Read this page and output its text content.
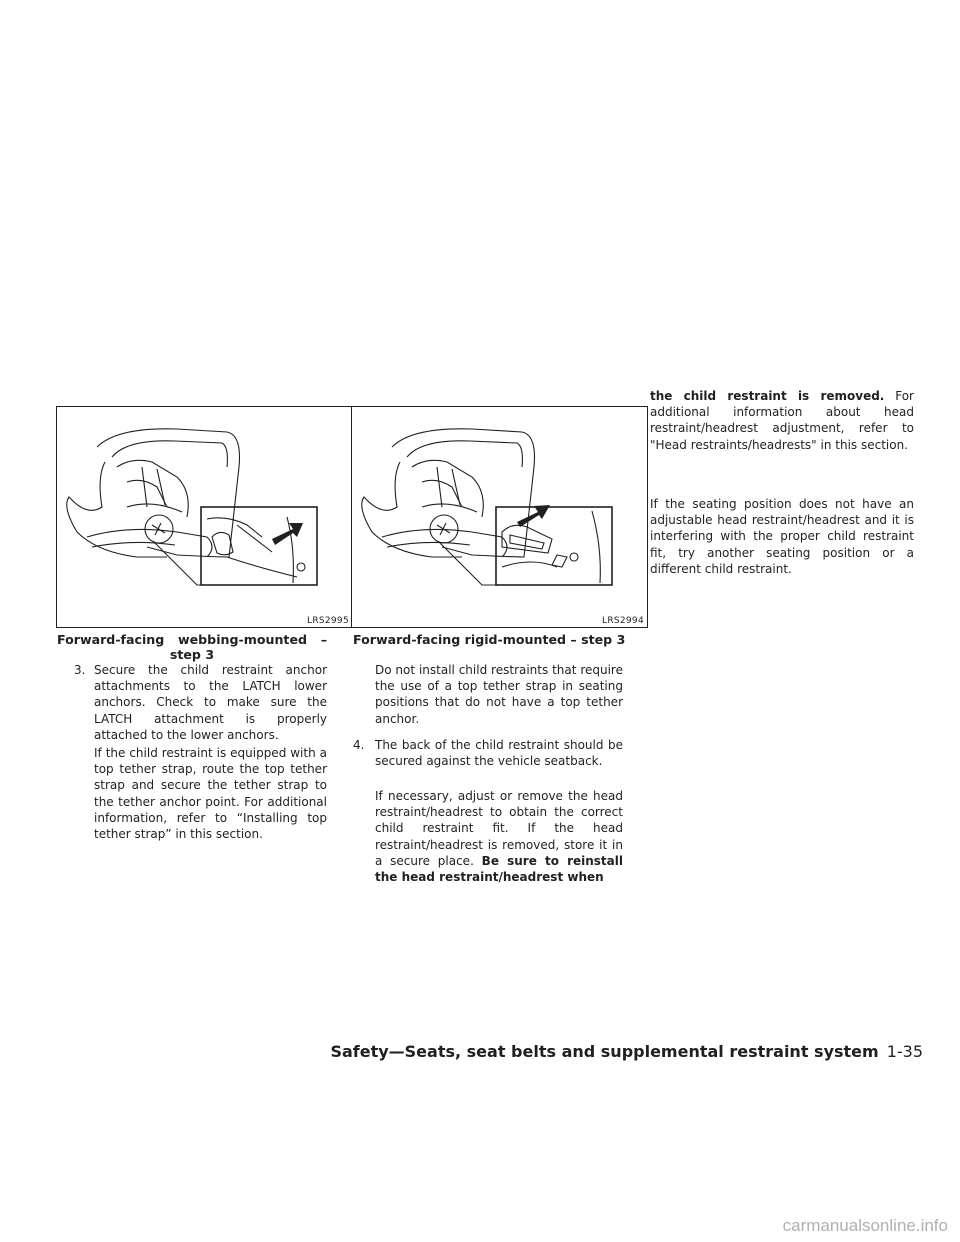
LRS2995	LRS2994
Forward-facing webbing-mounted –
step 3
Forward-facing rigid-mounted – step 3
3. Secure the child restraint anchor attachments to the LATCH lower anchors. Check to make sure the LATCH attachment is properly attached to the lower anchors.
If the child restraint is equipped with a top tether strap, route the top tether strap and secure the tether strap to the tether anchor point. For additional information, refer to “Installing top tether strap” in this section.
Do not install child restraints that require the use of a top tether strap in seating positions that do not have a top tether anchor.
4. The back of the child restraint should be secured against the vehicle seatback.
If necessary, adjust or remove the head restraint/headrest to obtain the correct child restraint fit. If the head restraint/headrest is removed, store it in a secure place. Be sure to reinstall the head restraint/headrest when
the child restraint is removed. For additional information about head restraint/headrest adjustment, refer to "Head restraints/headrests" in this section.
If the seating position does not have an adjustable head restraint/headrest and it is interfering with the proper child restraint fit, try another seating position or a different child restraint.
Safety—Seats, seat belts and supplemental restraint system 1-35
carmanualsonline.info
